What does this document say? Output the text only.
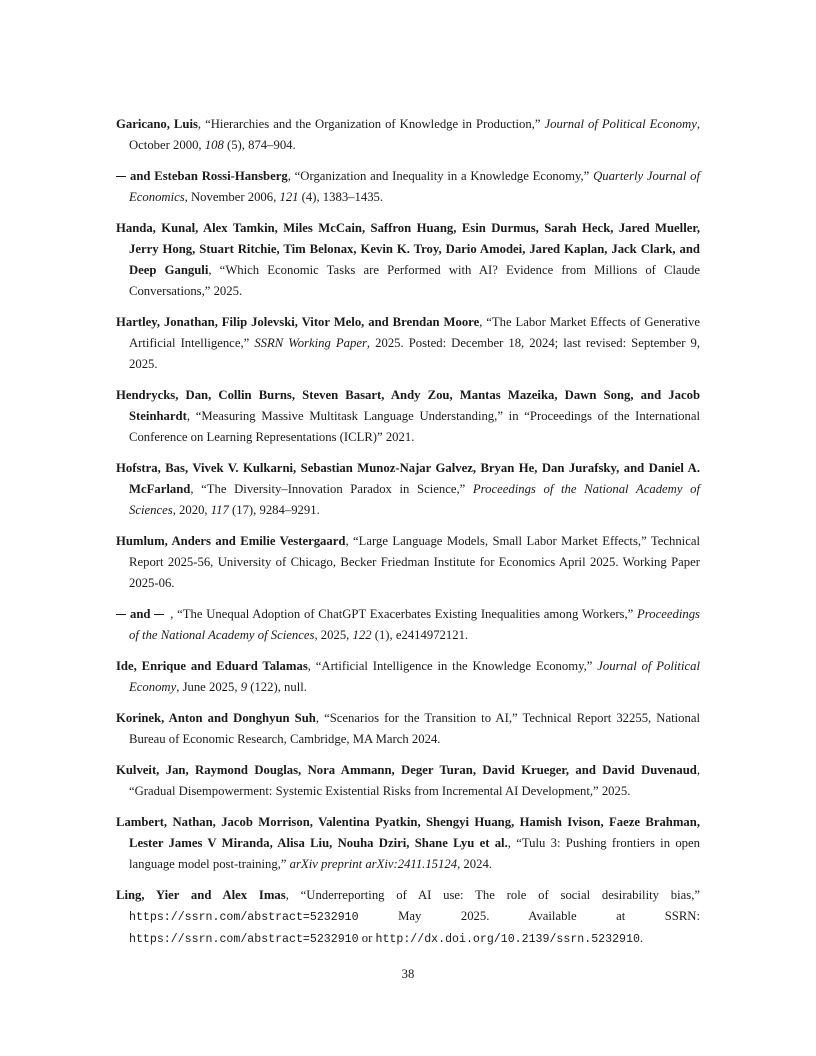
Garicano, Luis, “Hierarchies and the Organization of Knowledge in Production,” Journal of Political Economy, October 2000, 108 (5), 874–904.

and Esteban Rossi-Hansberg, “Organization and Inequality in a Knowledge Economy,” Quarterly Journal of Economics, November 2006, 121 (4), 1383–1435.

Handa, Kunal, Alex Tamkin, Miles McCain, Saffron Huang, Esin Durmus, Sarah Heck, Jared Mueller, Jerry Hong, Stuart Ritchie, Tim Belonax, Kevin K. Troy, Dario Amodei, Jared Kaplan, Jack Clark, and Deep Ganguli, “Which Economic Tasks are Performed with AI? Evidence from Millions of Claude Conversations,” 2025.

Hartley, Jonathan, Filip Jolevski, Vitor Melo, and Brendan Moore, “The Labor Market Effects of Generative Artificial Intelligence,” SSRN Working Paper, 2025. Posted: December 18, 2024; last revised: September 9, 2025.

Hendrycks, Dan, Collin Burns, Steven Basart, Andy Zou, Mantas Mazeika, Dawn Song, and Jacob Steinhardt, “Measuring Massive Multitask Language Understanding,” in “Proceedings of the International Conference on Learning Representations (ICLR)” 2021.

Hofstra, Bas, Vivek V. Kulkarni, Sebastian Munoz-Najar Galvez, Bryan He, Dan Jurafsky, and Daniel A. McFarland, “The Diversity–Innovation Paradox in Science,” Proceedings of the National Academy of Sciences, 2020, 117 (17), 9284–9291.

Humlum, Anders and Emilie Vestergaard, “Large Language Models, Small Labor Market Effects,” Technical Report 2025-56, University of Chicago, Becker Friedman Institute for Economics April 2025. Working Paper 2025-06.

and , “The Unequal Adoption of ChatGPT Exacerbates Existing Inequalities among Workers,” Proceedings of the National Academy of Sciences, 2025, 122 (1), e2414972121.

Ide, Enrique and Eduard Talamas, “Artificial Intelligence in the Knowledge Economy,” Journal of Political Economy, June 2025, 9 (122), null.

Korinek, Anton and Donghyun Suh, “Scenarios for the Transition to AI,” Technical Report 32255, National Bureau of Economic Research, Cambridge, MA March 2024.

Kulveit, Jan, Raymond Douglas, Nora Ammann, Deger Turan, David Krueger, and David Duvenaud, “Gradual Disempowerment: Systemic Existential Risks from Incremental AI Development,” 2025.

Lambert, Nathan, Jacob Morrison, Valentina Pyatkin, Shengyi Huang, Hamish Ivison, Faeze Brahman, Lester James V Miranda, Alisa Liu, Nouha Dziri, Shane Lyu et al., “Tulu 3: Pushing frontiers in open language model post-training,” arXiv preprint arXiv:2411.15124, 2024.

Ling, Yier and Alex Imas, “Underreporting of AI use: The role of social desirability bias,” https://ssrn.com/abstract=5232910 May 2025. Available at SSRN: https://ssrn.com/abstract=5232910 or http://dx.doi.org/10.2139/ssrn.5232910.

38
